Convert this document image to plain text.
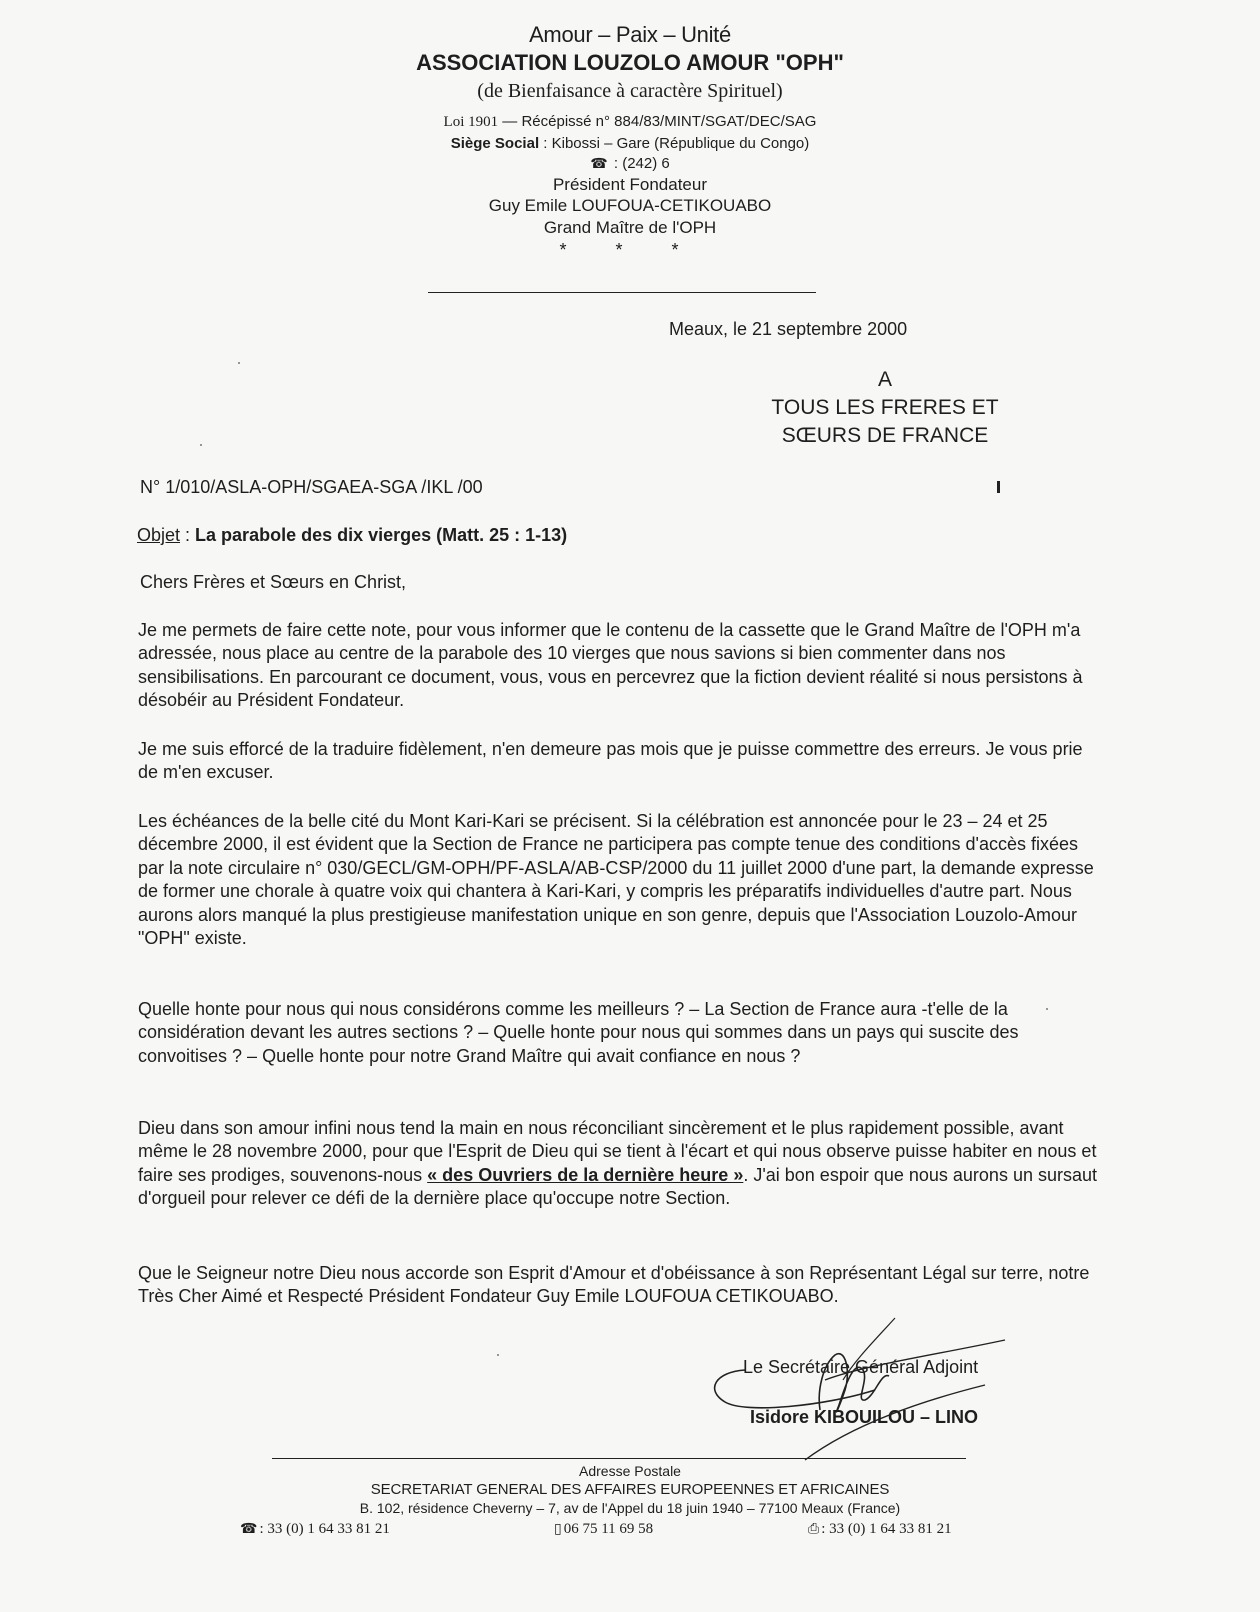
Amour – Paix – Unité
ASSOCIATION LOUZOLO AMOUR "OPH"
(de Bienfaisance à caractère Spirituel)
Loi 1901 — Récépissé n° 884/83/MINT/SGAT/DEC/SAG
Siège Social : Kibossi – Gare (République du Congo)
☎ : (242) 6
Président Fondateur
Guy Emile LOUFOUA-CETIKOUABO
Grand Maître de l'OPH
* * *
Meaux, le 21 septembre 2000
A
TOUS LES FRERES ET
SŒURS DE FRANCE
N° 1/010/ASLA-OPH/SGAEA-SGA /IKL /00
Objet : La parabole des dix vierges (Matt. 25 : 1-13)
Chers Frères et Sœurs en Christ,

Je me permets de faire cette note, pour vous informer que le contenu de la cassette que le Grand Maître de l'OPH m'a adressée, nous place au centre de la parabole des 10 vierges que nous savions si bien commenter dans nos sensibilisations. En parcourant ce document, vous, vous en percevrez que la fiction devient réalité si nous persistons à désobéir au Président Fondateur.

Je me suis efforcé de la traduire fidèlement, n'en demeure pas mois que je puisse commettre des erreurs. Je vous prie de m'en excuser.

Les échéances de la belle cité du Mont Kari-Kari se précisent. Si la célébration est annoncée pour le 23 – 24 et 25 décembre 2000, il est évident que la Section de France ne participera pas compte tenue des conditions d'accès fixées par la note circulaire n° 030/GECL/GM-OPH/PF-ASLA/AB-CSP/2000 du 11 juillet 2000 d'une part, la demande expresse de former une chorale à quatre voix qui chantera à Kari-Kari, y compris les préparatifs individuelles d'autre part. Nous aurons alors manqué la plus prestigieuse manifestation unique en son genre, depuis que l'Association Louzolo-Amour "OPH" existe.

Quelle honte pour nous qui nous considérons comme les meilleurs ? – La Section de France aura -t'elle de la considération devant les autres sections ? – Quelle honte pour nous qui sommes dans un pays qui suscite des convoitises ? – Quelle honte pour notre Grand Maître qui avait confiance en nous ?

Dieu dans son amour infini nous tend la main en nous réconciliant sincèrement et le plus rapidement possible, avant même le 28 novembre 2000, pour que l'Esprit de Dieu qui se tient à l'écart et qui nous observe puisse habiter en nous et faire ses prodiges, souvenons-nous « des Ouvriers de la dernière heure ». J'ai bon espoir que nous aurons un sursaut d'orgueil pour relever ce défi de la dernière place qu'occupe notre Section.

Que le Seigneur notre Dieu nous accorde son Esprit d'Amour et d'obéissance à son Représentant Légal sur terre, notre Très Cher Aimé et Respecté Président Fondateur Guy Emile LOUFOUA CETIKOUABO.

Le Secrétaire Général Adjoint
Isidore KIBOUILOU – LINO
Adresse Postale
SECRETARIAT GENERAL DES AFFAIRES EUROPEENNES ET AFRICAINES
B. 102, résidence Cheverny – 7, av de l'Appel du 18 juin 1940 – 77100 Meaux (France)
☎ : 33 (0) 1 64 33 81 21	▯ 06 75 11 69 58	⎙ : 33 (0) 1 64 33 81 21
